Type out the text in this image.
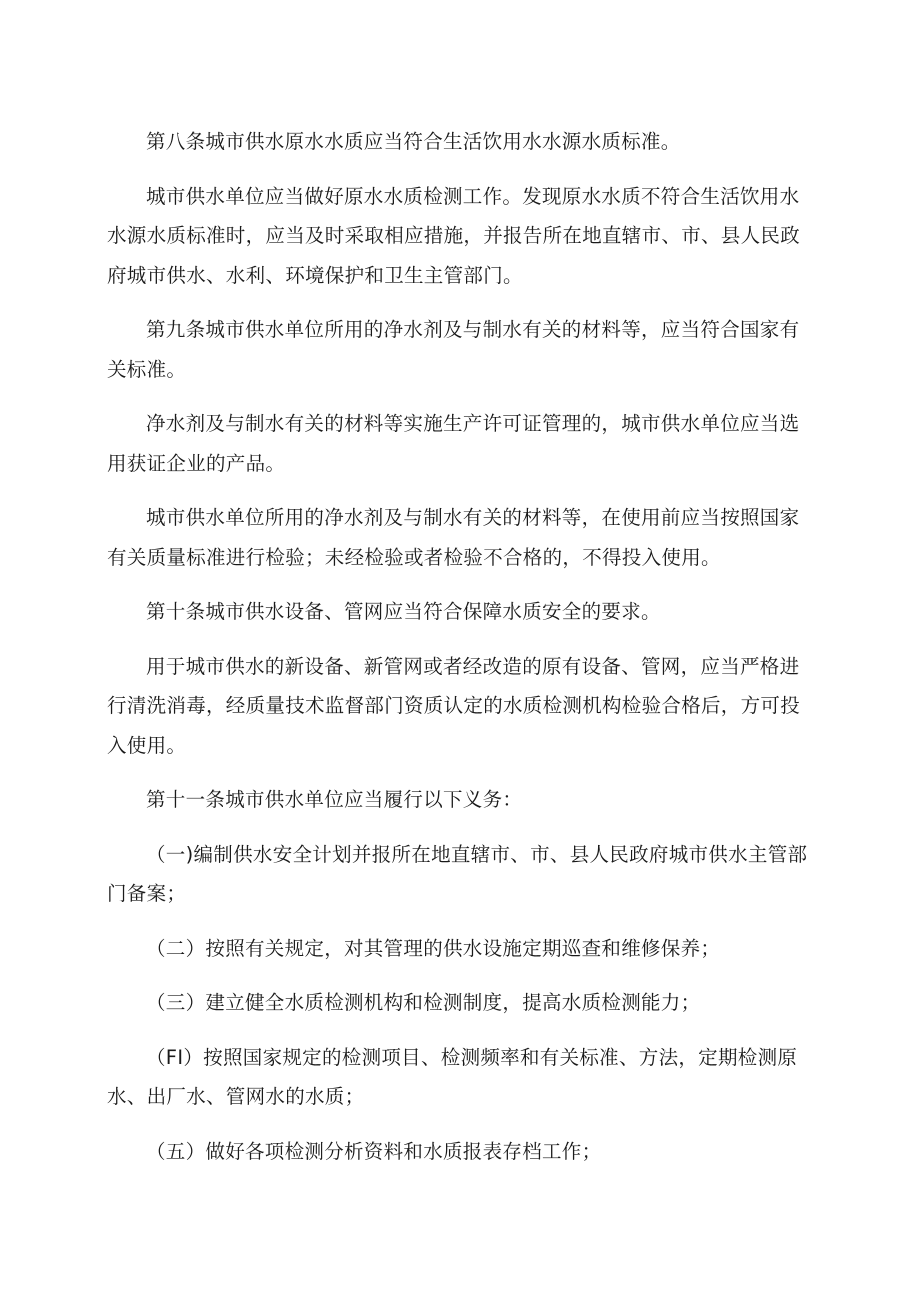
第八条城市供水原水水质应当符合生活饮用水水源水质标准。

城市供水单位应当做好原水水质检测工作。发现原水水质不符合生活饮用水水源水质标准时，应当及时采取相应措施，并报告所在地直辖市、市、县人民政府城市供水、水利、环境保护和卫生主管部门。

第九条城市供水单位所用的净水剂及与制水有关的材料等，应当符合国家有关标准。

净水剂及与制水有关的材料等实施生产许可证管理的，城市供水单位应当选用获证企业的产品。

城市供水单位所用的净水剂及与制水有关的材料等，在使用前应当按照国家有关质量标准进行检验；未经检验或者检验不合格的，不得投入使用。

第十条城市供水设备、管网应当符合保障水质安全的要求。

用于城市供水的新设备、新管网或者经改造的原有设备、管网，应当严格进行清洗消毒，经质量技术监督部门资质认定的水质检测机构检验合格后，方可投入使用。

第十一条城市供水单位应当履行以下义务：

（一)编制供水安全计划并报所在地直辖市、市、县人民政府城市供水主管部门备案；

（二）按照有关规定，对其管理的供水设施定期巡查和维修保养；

（三）建立健全水质检测机构和检测制度，提高水质检测能力；

（FI）按照国家规定的检测项目、检测频率和有关标准、方法，定期检测原水、出厂水、管网水的水质；

（五）做好各项检测分析资料和水质报表存档工作；
